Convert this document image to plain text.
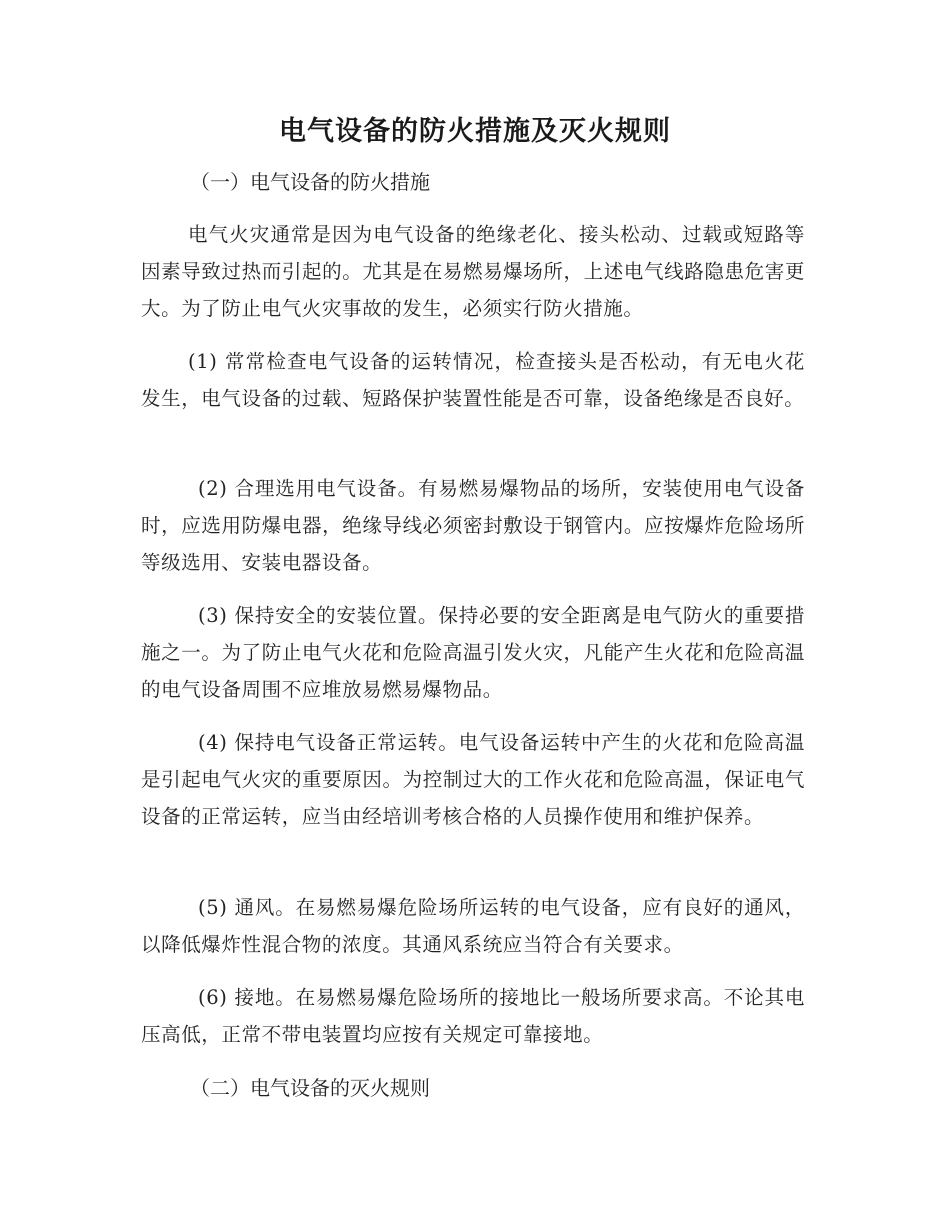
电气设备的防火措施及灭火规则

（一）电气设备的防火措施

电气火灾通常是因为电气设备的绝缘老化、接头松动、过载或短路等因素导致过热而引起的。尤其是在易燃易爆场所，上述电气线路隐患危害更大。为了防止电气火灾事故的发生，必须实行防火措施。

(1) 常常检查电气设备的运转情况，检查接头是否松动，有无电火花发生，电气设备的过载、短路保护装置性能是否可靠，设备绝缘是否良好。

(2) 合理选用电气设备。有易燃易爆物品的场所，安装使用电气设备时，应选用防爆电器，绝缘导线必须密封敷设于钢管内。应按爆炸危险场所等级选用、安装电器设备。

(3) 保持安全的安装位置。保持必要的安全距离是电气防火的重要措施之一。为了防止电气火花和危险高温引发火灾，凡能产生火花和危险高温的电气设备周围不应堆放易燃易爆物品。

(4) 保持电气设备正常运转。电气设备运转中产生的火花和危险高温是引起电气火灾的重要原因。为控制过大的工作火花和危险高温，保证电气设备的正常运转，应当由经培训考核合格的人员操作使用和维护保养。

(5) 通风。在易燃易爆危险场所运转的电气设备，应有良好的通风，以降低爆炸性混合物的浓度。其通风系统应当符合有关要求。

(6) 接地。在易燃易爆危险场所的接地比一般场所要求高。不论其电压高低，正常不带电装置均应按有关规定可靠接地。

（二）电气设备的灭火规则
